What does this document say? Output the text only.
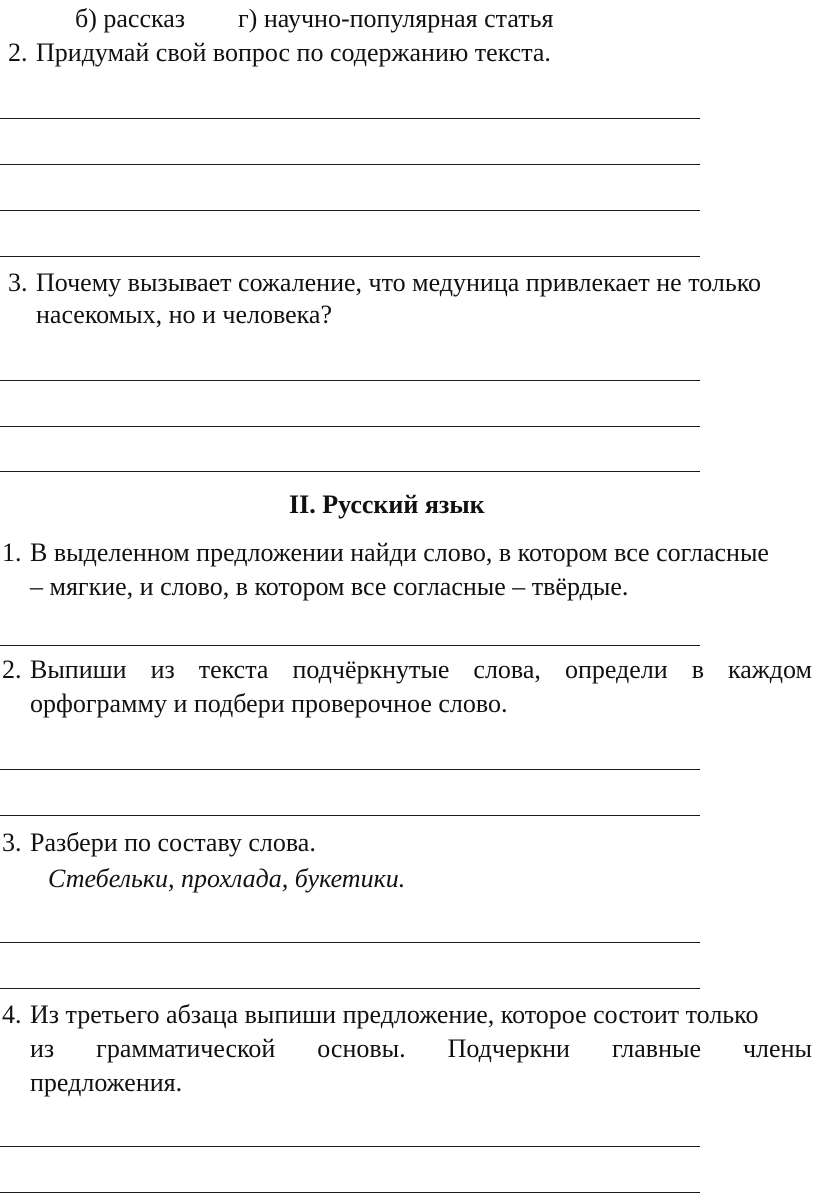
б) рассказ г) научно-популярная статья
2. Придумай свой вопрос по содержанию текста.
3. Почему вызывает сожаление, что медуница привлекает не только
насекомых, но и человека?
II. Русский язык
1. В выделенном предложении найди слово, в котором все согласные
– мягкие, и слово, в котором все согласные – твёрдые.
2. Выпиши из текста подчёркнутые слова, определи в каждом
орфограмму и подбери проверочное слово.
3. Разбери по составу слова.
Стебельки, прохлада, букетики.
4. Из третьего абзаца выпиши предложение, которое состоит только
из грамматической основы. Подчеркни главные члены
предложения.
